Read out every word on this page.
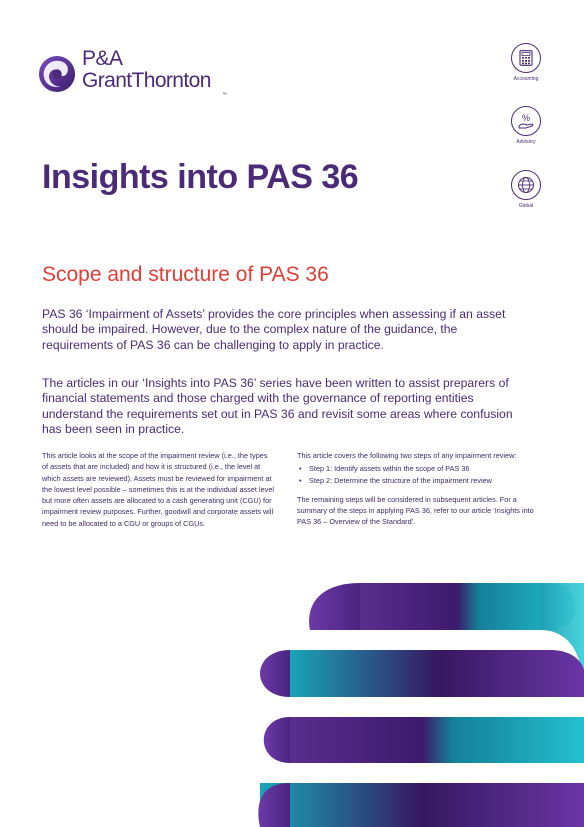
P&A
GrantThornton
™
Accounting
%
Advisory
Global
Insights into PAS 36
Scope and structure of PAS 36

PAS 36 ‘Impairment of Assets’ provides the core principles when assessing if an asset should be impaired. However, due to the complex nature of the guidance, the requirements of PAS 36 can be challenging to apply in practice.

The articles in our ‘Insights into PAS 36’ series have been written to assist preparers of financial statements and those charged with the governance of reporting entities understand the requirements set out in PAS 36 and revisit some areas where confusion has been seen in practice.

This article looks at the scope of the impairment review (i.e., the types of assets that are included) and how it is structured (i.e., the level at which assets are reviewed). Assets must be reviewed for impairment at the lowest level possible – sometimes this is at the individual asset level but more often assets are allocated to a cash generating unit (CGU) for impairment review purposes. Further, goodwill and corporate assets will need to be allocated to a CGU or groups of CGUs.

This article covers the following two steps of any impairment review:

• Step 1: Identify assets within the scope of PAS 36
• Step 2: Determine the structure of the impairment review

The remaining steps will be considered in subsequent articles. For a summary of the steps in applying PAS 36, refer to our article ‘Insights into PAS 36 – Overview of the Standard’.
